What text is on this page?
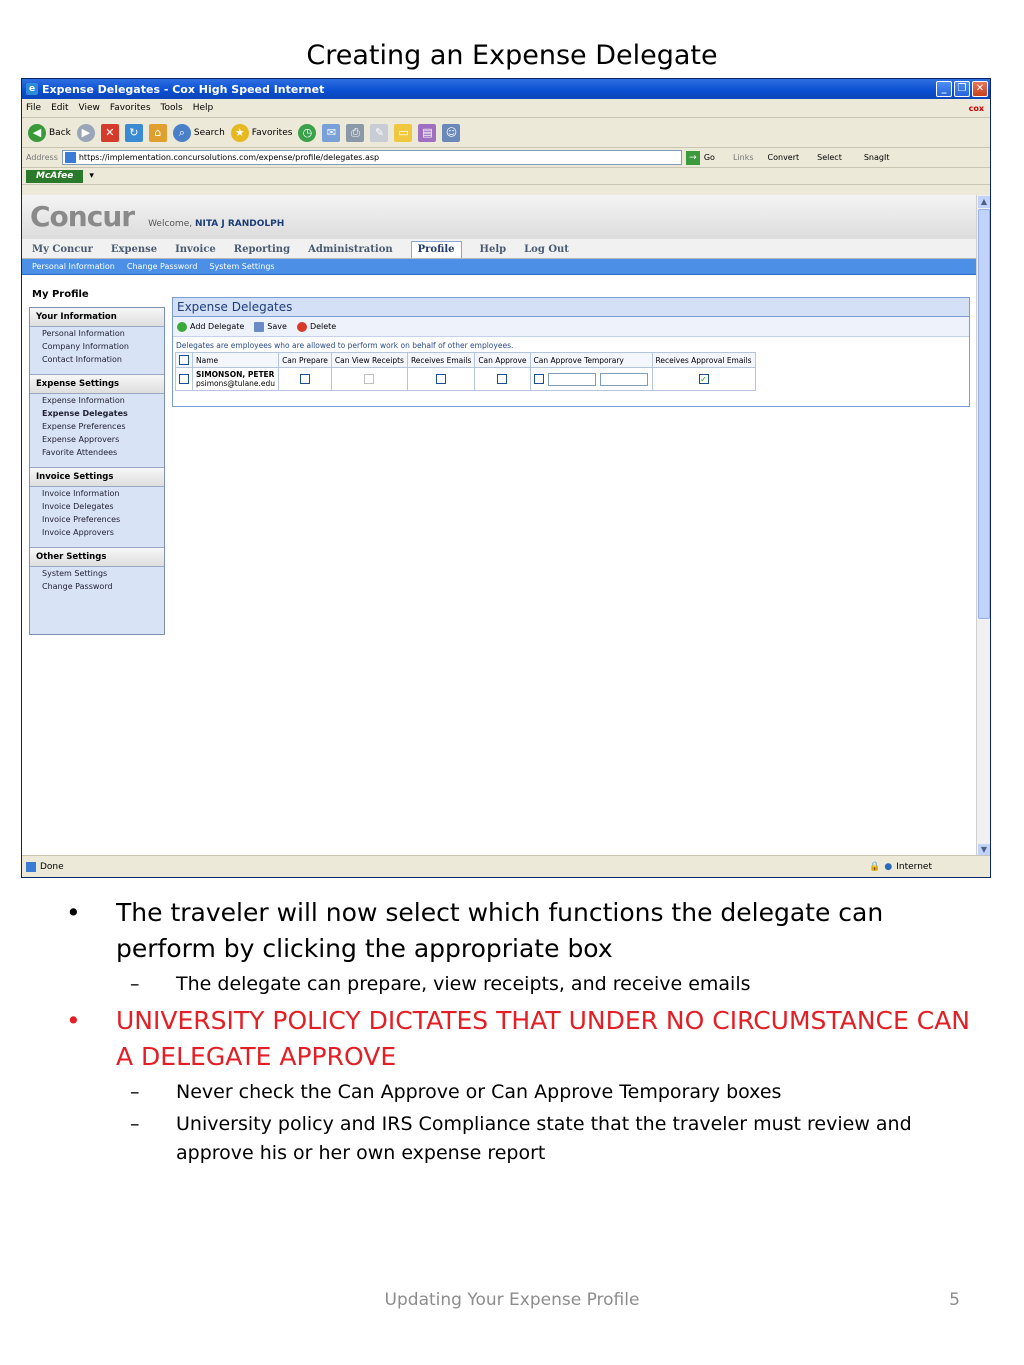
Creating an Expense Delegate
e Expense Delegates - Cox High Speed Internet	_	❐ ✕
File Edit View Favorites Tools Help	cox
◀ Back ▶	✕	↻	⌂	⌕ Search ★ Favorites ◷	✉	⎙	✎	▭	▤	☺
Address	https://implementation.concursolutions.com/expense/profile/delegates.asp	→ Go Links Convert Select	SnagIt
McAfee	▾
Concur Welcome, NITA J RANDOLPH
My Concur Expense Invoice Reporting Administration	Profile	Help Log Out
Personal Information Change Password System Settings
My Profile
Your Information
Personal Information
Company Information
Contact Information
Expense Settings
Expense Information
Expense Delegates
Expense Preferences
Expense Approvers
Favorite Attendees
Invoice Settings
Invoice Information
Invoice Delegates
Invoice Preferences
Invoice Approvers
Other Settings
System Settings
Change Password
Expense Delegates
Add Delegate	Save	Delete
Delegates are employees who are allowed to perform work on behalf of other employees.
	Name	Can Prepare	Can View Receipts	Receives Emails	Can Approve	Can Approve Temporary	Receives Approval Emails

	SIMONSON, PETER
psimons@tulane.edu						✓
▲
▼
Done	🔒 ● Internet
•	The traveler will now select which functions the delegate can perform by clicking the appropriate box
–	The delegate can prepare, view receipts, and receive emails
•	UNIVERSITY POLICY DICTATES THAT UNDER NO CIRCUMSTANCE CAN A DELEGATE APPROVE
–	Never check the Can Approve or Can Approve Temporary boxes
–	University policy and IRS Compliance state that the traveler must review and approve his or her own expense report
Updating Your Expense Profile	5
